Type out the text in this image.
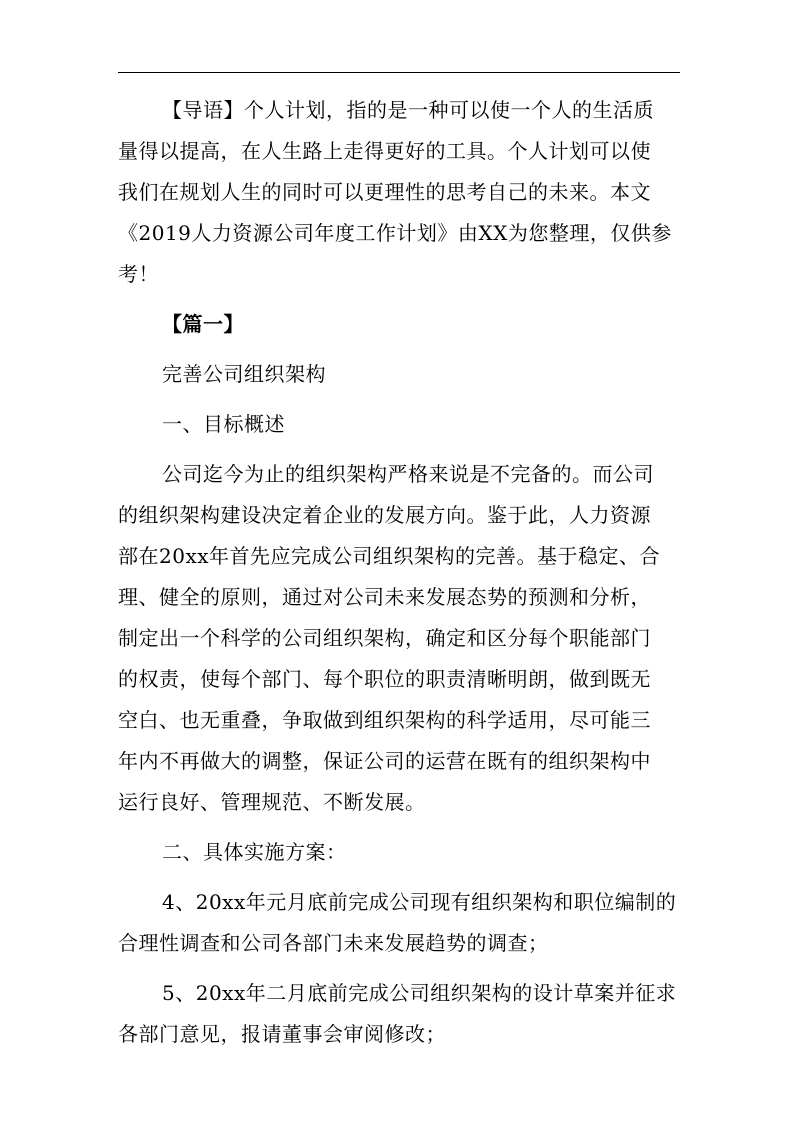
【导语】个人计划，指的是一种可以使一个人的生活质

量得以提高，在人生路上走得更好的工具。个人计划可以使

我们在规划人生的同时可以更理性的思考自己的未来。本文

《2019人力资源公司年度工作计划》由XX为您整理，仅供参

考！

【篇一】

完善公司组织架构

一、目标概述

公司迄今为止的组织架构严格来说是不完备的。而公司

的组织架构建设决定着企业的发展方向。鉴于此，人力资源

部在20xx年首先应完成公司组织架构的完善。基于稳定、合

理、健全的原则，通过对公司未来发展态势的预测和分析，

制定出一个科学的公司组织架构，确定和区分每个职能部门

的权责，使每个部门、每个职位的职责清晰明朗，做到既无

空白、也无重叠，争取做到组织架构的科学适用，尽可能三

年内不再做大的调整，保证公司的运营在既有的组织架构中

运行良好、管理规范、不断发展。

二、具体实施方案：

4、20xx年元月底前完成公司现有组织架构和职位编制的

合理性调查和公司各部门未来发展趋势的调查；

5、20xx年二月底前完成公司组织架构的设计草案并征求

各部门意见，报请董事会审阅修改；
